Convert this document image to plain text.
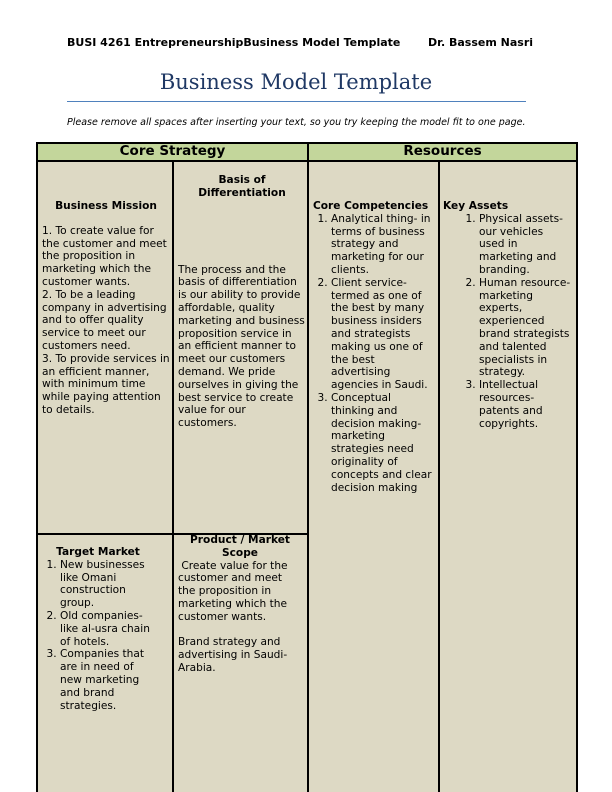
BUSI 4261 EntrepreneurshipBusiness Model Template	Dr. Bassem Nasri
Business Model Template
Please remove all spaces after inserting your text, so you try keeping the model fit to one page.
Core Strategy	Resources
Business Mission
1. To create value for the customer and meet the proposition in marketing which the customer wants.
2. To be a leading company in advertising and to offer quality service to meet our customers need.
3. To provide services in an efficient manner, with minimum time while paying attention to details.
Basis of Differentiation
The process and the basis of differentiation is our ability to provide affordable, quality marketing and business proposition service in an efficient manner to meet our customers demand. We pride ourselves in giving the best service to create value for our customers.
Core Competencies
1. Analytical thing- in terms of business strategy and marketing for our clients.
2. Client service- termed as one of the best by many business insiders and strategists making us one of the best advertising agencies in Saudi.
3. Conceptual thinking and decision making- marketing strategies need originality of concepts and clear decision making
Key Assets
1. Physical assets- our vehicles used in marketing and branding.
2. Human resource- marketing experts, experienced brand strategists and talented specialists in strategy.
3. Intellectual resources- patents and copyrights.
Target Market
1. New businesses like Omani construction group.
2. Old companies- like al-usra chain of hotels.
3. Companies that are in need of new marketing and brand strategies.
Product / Market Scope
Create value for the customer and meet the proposition in marketing which the customer wants.
Brand strategy and advertising in Saudi-Arabia.
